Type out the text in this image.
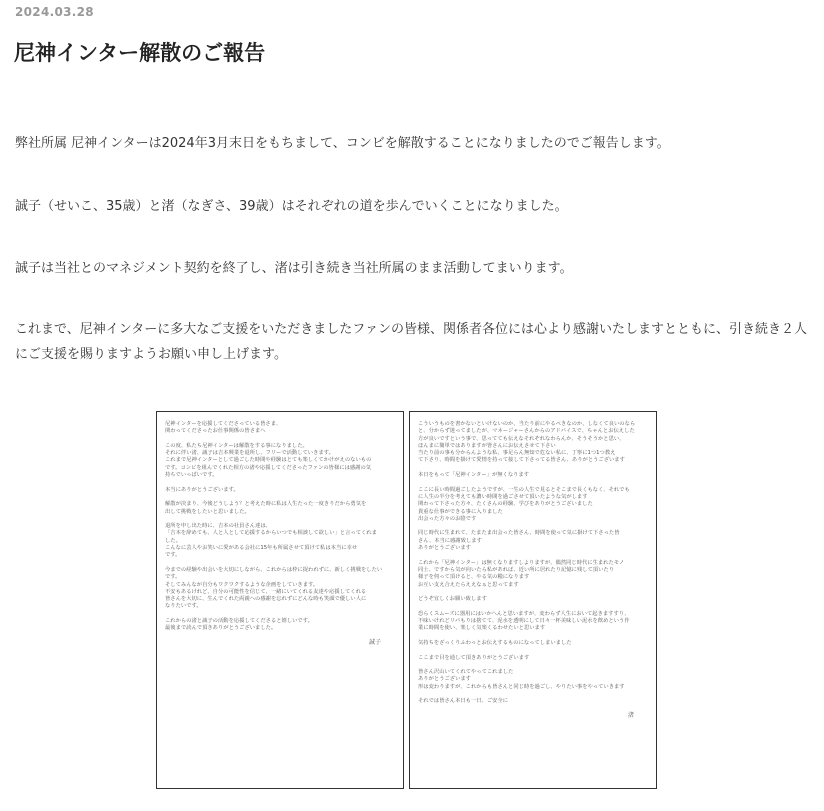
2024.03.28
尼神インター解散のご報告

弊社所属 尼神インターは2024年3月末日をもちまして、コンビを解散することになりましたのでご報告します。

誠子（せいこ、35歳）と渚（なぎさ、39歳）はそれぞれの道を歩んでいくことになりました。

誠子は当社とのマネジメント契約を終了し、渚は引き続き当社所属のまま活動してまいります。

これまで、尼神インターに多大なご支援をいただきましたファンの皆様、関係者各位には心より感謝いたしますとともに、引き続き２人にご支援を賜りますようお願い申し上げます。

尼神インターを応援してくださっている皆さま、
関わってくださったお仕事関係の皆さまへ
この度、私たち尼神インターは解散をする事になりました。
それに伴い渚、誠子は吉本興業を退所し、フリーで活動していきます。
これまで尼神インターとして過ごした時間や経験はとても楽しくてかけがえのないもの
です。コンビを組んでくれた相方の渚や応援してくださったファンの皆様には感謝の気
持ちでいっぱいです。
本当にありがとうございます。
解散が決まり、今後どうしよう？と考えた時に私は人生たった一度きりだから勇気を
出して挑戦をしたいと思いました。
退所を申し出た時に、吉本の社員さん達は、
「吉本を辞めても、人と人として応援するからいつでも相談して欲しい」と言ってくれま
した。
こんなに芸人やお笑いに愛がある会社に15年も所属させて頂けて私は本当に幸せ
です。
今までの経験や出会いを大切にしながら、これからは枠に捉われずに、新しく挑戦をしたい
です。
そしてみんなが自分もワクワクするような企画をしていきます。
不安もあるけれど、自分の可能性を信じて、一緒にいてくれる友達や応援してくれる
皆さんを大切に、生んでくれた両親への感謝を忘れずにどんな時も笑顔で優しい人に
なりたいです。
これからの渚と誠子の活動を応援してくださると嬉しいです。
最後まで読んで頂きありがとうございました。
誠子
こういうものを書かないといけないのか、当たり前にやるべきなのか、しなくて良いのなら
と、分からず迷ってましたが、マネージャーさんからのアドバイスで、ちゃんとお伝えした
方が良いですという事で、思ってても伝えなそれぞれなわらんか、そうそうかと思い、
ほんまに簡単ではありますが皆さんにお伝えさせて下さい
当たり前の事も分からんような私、事足らん無知で危ない私に、丁寧に1つ1つ教え
て下さり、時間を掛けて愛情を持って接して下さってる皆さん、ありがとうございます
本日をもって「尼神インター」が無くなります
ここに長い時間過ごしたようですが、一生の人生で見るとそこまで長くもなく、それでも
に人生の半分を考えても濃い時間を過ごさせて頂いたような気がします
関わって下さった方々、たくさんの経験、学びをありがとうございました
貴重な仕事ができる事に入りました
出会った方々のお陰です
同じ時代に生まれて、たまたま出会った皆さん、時間を使って気に掛けて下さった皆
さん、本当に感謝致します
ありがとうございます
これから「尼神インター」は無くなりますしよりますが、偶然同じ時代に生まれたモノ
同士、ですから気が向いたら私があれば、近い所に居れたり記憶に残して頂いたり
様子を伺って頂けると、やる気の糧になります
お互い支え合えたらええなぁと思ってます
どうぞ宜しくお願い致します
恐らくスムーズに器用にはいかへんと思いますが、変わらず人生において起きますすり、
不味いけれどリバもりは捨てて、泥水を透明にして日々一杯美味しい泥水を飲めという作
業に時間を使い、楽しく気楽くるわせたいと思います
気持ちをざっくりふわっとお伝えするものになってしまいました
ここまで目を通して頂きありがとうございます
皆さん沢山いてくれてやってこれました
ありがとうございます
形は変わりますが、これからも皆さんと同じ時を過ごし、やりたい事をやっていきます
それでは皆さん本日も一日、ご安全に
渚
